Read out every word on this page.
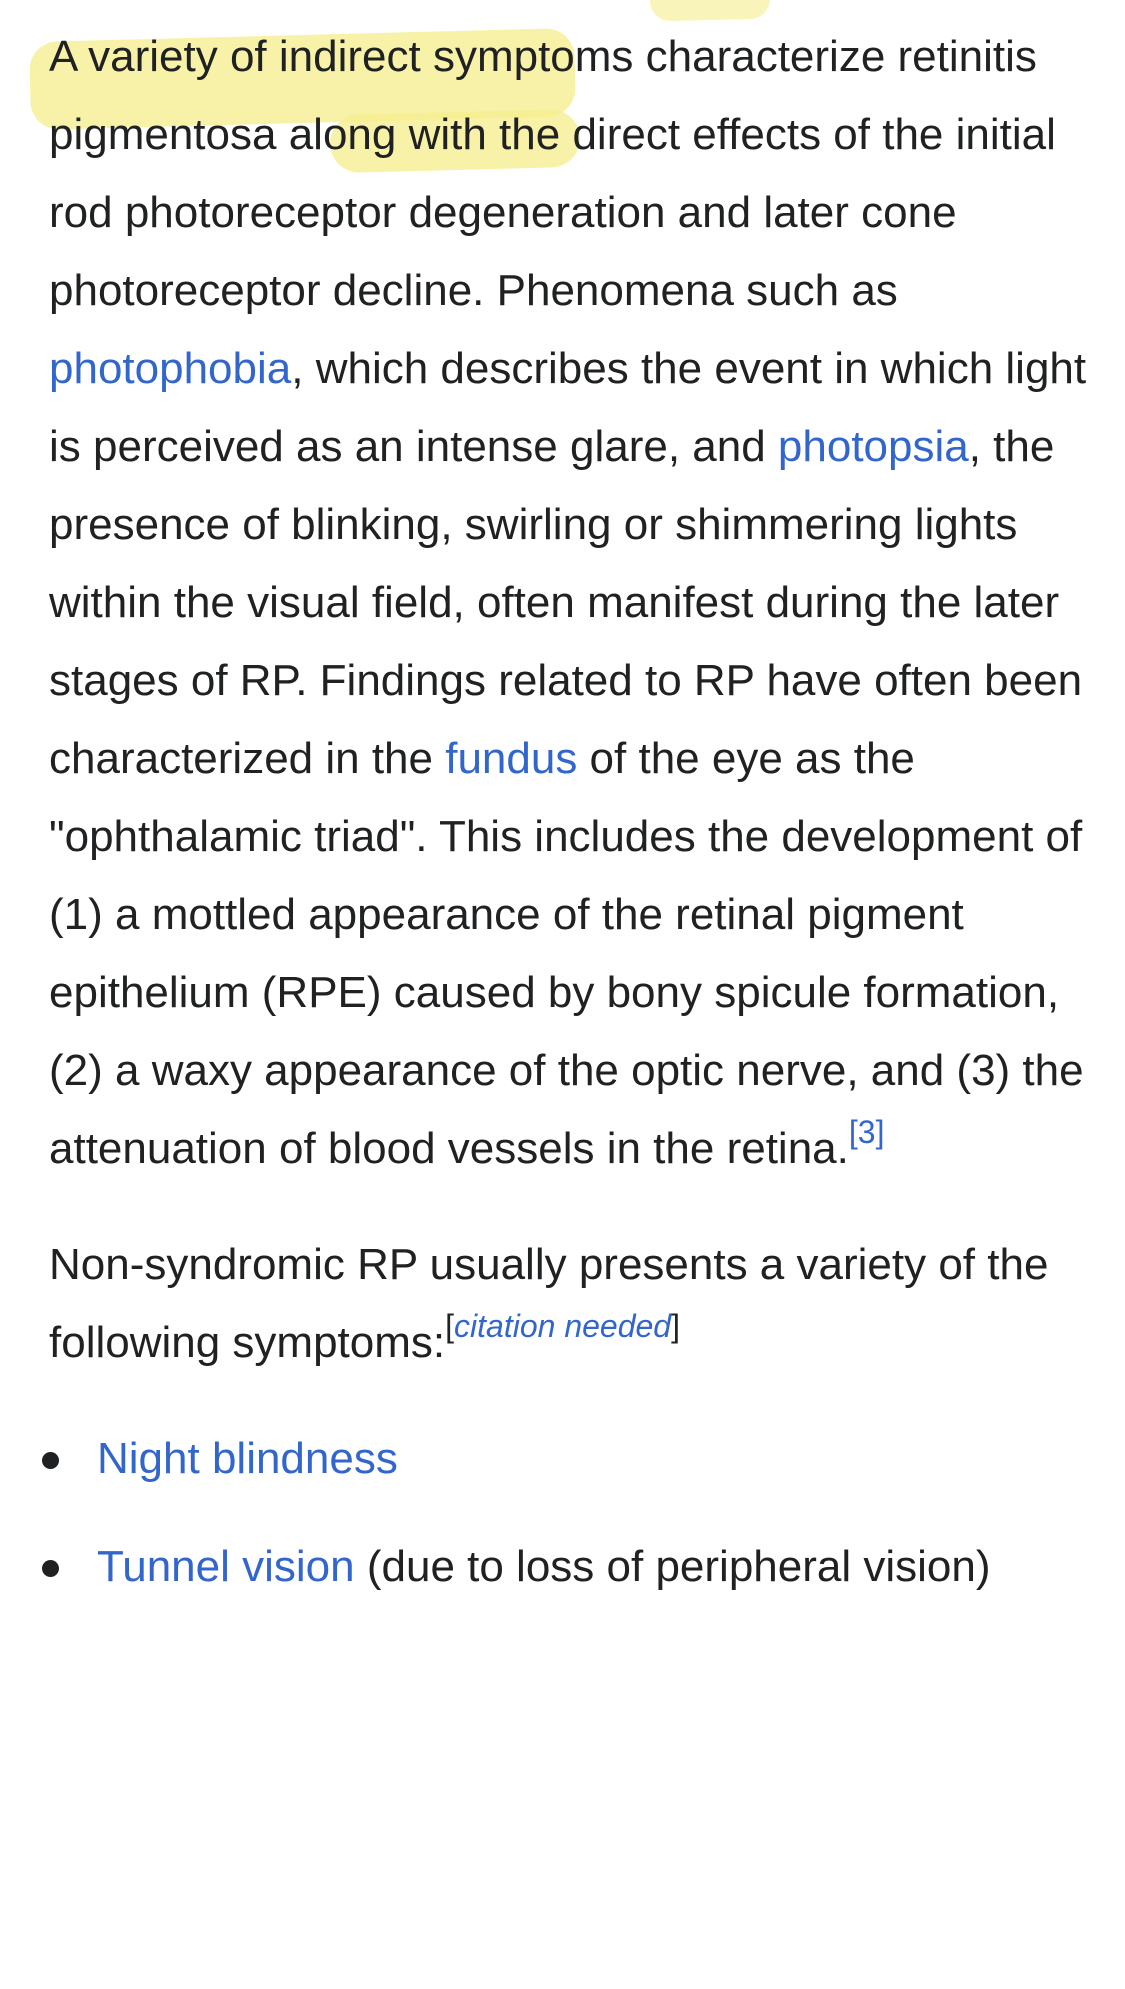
A variety of indirect symptoms characterize retinitis pigmentosa along with the direct effects of the initial rod photoreceptor degeneration and later cone photoreceptor decline. Phenomena such as photophobia, which describes the event in which light is perceived as an intense glare, and photopsia, the presence of blinking, swirling or shimmering lights within the visual field, often manifest during the later stages of RP. Findings related to RP have often been characterized in the fundus of the eye as the "ophthalamic triad". This includes the development of (1) a mottled appearance of the retinal pigment epithelium (RPE) caused by bony spicule formation, (2) a waxy appearance of the optic nerve, and (3) the attenuation of blood vessels in the retina.[3]

Non-syndromic RP usually presents a variety of the following symptoms:[citation needed]

Night blindness
Tunnel vision (due to loss of peripheral vision)
